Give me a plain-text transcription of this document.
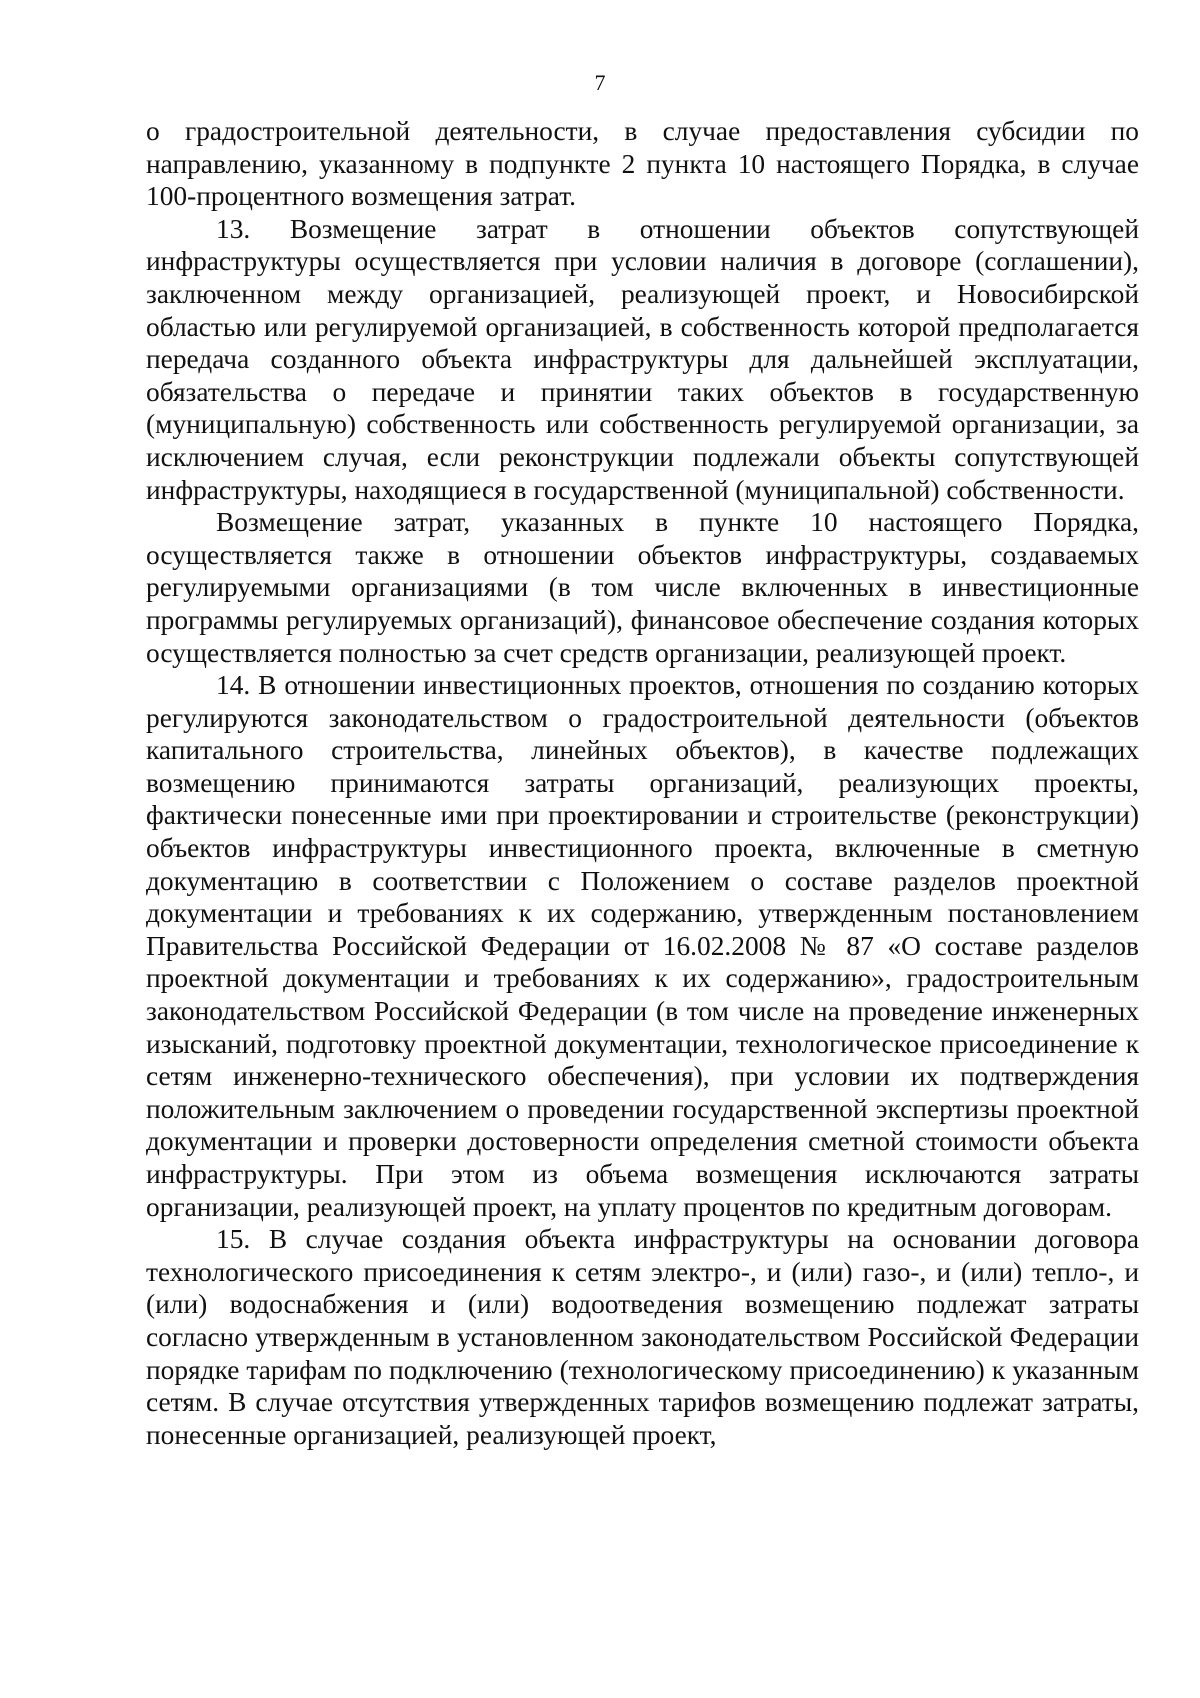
7

о градостроительной деятельности, в случае предоставления субсидии по направлению, указанному в подпункте 2 пункта 10 настоящего Порядка, в случае 100-процентного возмещения затрат.

13. Возмещение затрат в отношении объектов сопутствующей инфраструктуры осуществляется при условии наличия в договоре (соглашении), заключенном между организацией, реализующей проект, и Новосибирской областью или регулируемой организацией, в собственность которой предполагается передача созданного объекта инфраструктуры для дальнейшей эксплуатации, обязательства о передаче и принятии таких объектов в государственную (муниципальную) собственность или собственность регулируемой организации, за исключением случая, если реконструкции подлежали объекты сопутствующей инфраструктуры, находящиеся в государственной (муниципальной) собственности.

Возмещение затрат, указанных в пункте 10 настоящего Порядка, осуществляется также в отношении объектов инфраструктуры, создаваемых регулируемыми организациями (в том числе включенных в инвестиционные программы регулируемых организаций), финансовое обеспечение создания которых осуществляется полностью за счет средств организации, реализующей проект.

14. В отношении инвестиционных проектов, отношения по созданию которых регулируются законодательством о градостроительной деятельности (объектов капитального строительства, линейных объектов), в качестве подлежащих возмещению принимаются затраты организаций, реализующих проекты, фактически понесенные ими при проектировании и строительстве (реконструкции) объектов инфраструктуры инвестиционного проекта, включенные в сметную документацию в соответствии с Положением о составе разделов проектной документации и требованиях к их содержанию, утвержденным постановлением Правительства Российской Федерации от 16.02.2008 № 87 «О составе разделов проектной документации и требованиях к их содержанию», градостроительным законодательством Российской Федерации (в том числе на проведение инженерных изысканий, подготовку проектной документации, технологическое присоединение к сетям инженерно-технического обеспечения), при условии их подтверждения положительным заключением о проведении государственной экспертизы проектной документации и проверки достоверности определения сметной стоимости объекта инфраструктуры. При этом из объема возмещения исключаются затраты организации, реализующей проект, на уплату процентов по кредитным договорам.

15. В случае создания объекта инфраструктуры на основании договора технологического присоединения к сетям электро-, и (или) газо-, и (или) тепло-, и (или) водоснабжения и (или) водоотведения возмещению подлежат затраты согласно утвержденным в установленном законодательством Российской Федерации порядке тарифам по подключению (технологическому присоединению) к указанным сетям. В случае отсутствия утвержденных тарифов возмещению подлежат затраты, понесенные организацией, реализующей проект,
